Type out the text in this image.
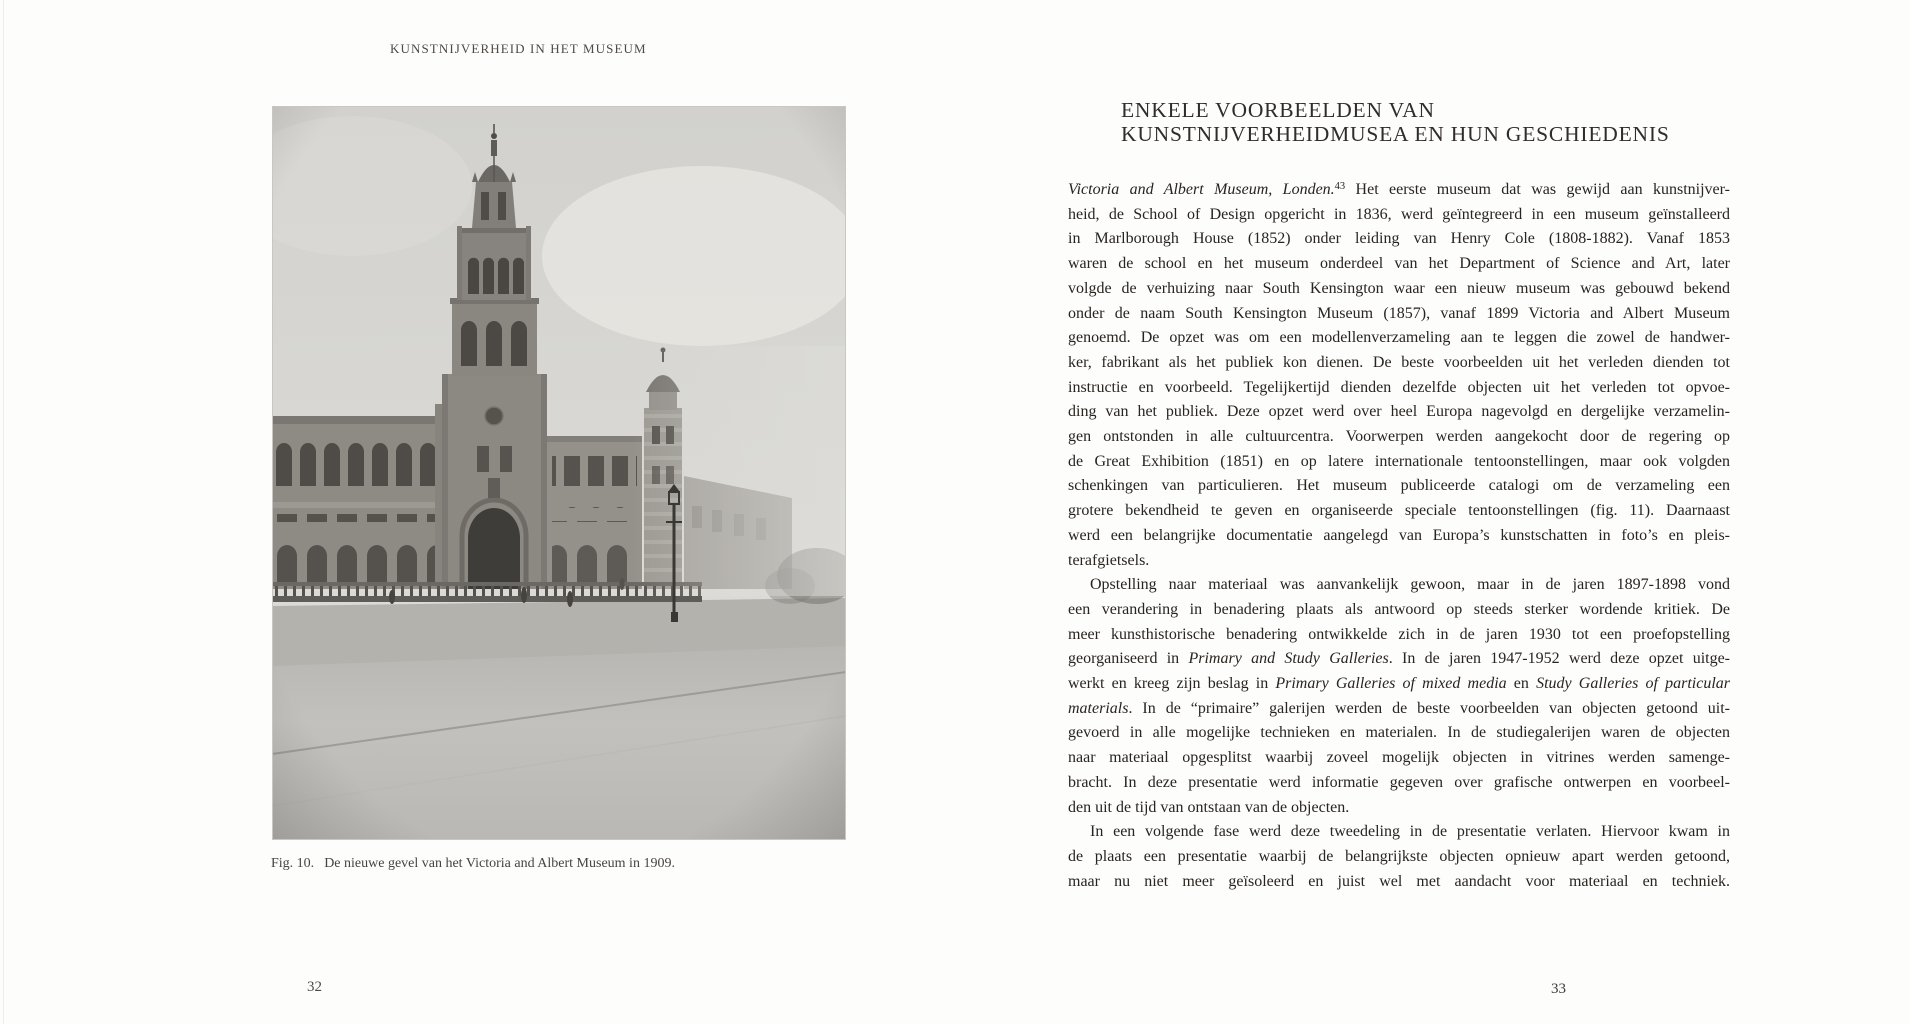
KUNSTNIJVERHEID IN HET MUSEUM
Fig. 10. De nieuwe gevel van het Victoria and Albert Museum in 1909.
32
ENKELE VOORBEELDEN VAN
KUNSTNIJVERHEIDMUSEA EN HUN GESCHIEDENIS
Victoria and Albert Museum, Londen.$^{43}$ Het eerste museum dat was gewijd aan kunstnijver-
heid, de School of Design opgericht in 1836, werd geïntegreerd in een museum geïnstalleerd
in Marlborough House (1852) onder leiding van Henry Cole (1808-1882). Vanaf 1853
waren de school en het museum onderdeel van het Department of Science and Art, later
volgde de verhuizing naar South Kensington waar een nieuw museum was gebouwd bekend
onder de naam South Kensington Museum (1857), vanaf 1899 Victoria and Albert Museum
genoemd. De opzet was om een modellenverzameling aan te leggen die zowel de handwer-
ker, fabrikant als het publiek kon dienen. De beste voorbeelden uit het verleden dienden tot
instructie en voorbeeld. Tegelijkertijd dienden dezelfde objecten uit het verleden tot opvoe-
ding van het publiek. Deze opzet werd over heel Europa nagevolgd en dergelijke verzamelin-
gen ontstonden in alle cultuurcentra. Voorwerpen werden aangekocht door de regering op
de Great Exhibition (1851) en op latere internationale tentoonstellingen, maar ook volgden
schenkingen van particulieren. Het museum publiceerde catalogi om de verzameling een
grotere bekendheid te geven en organiseerde speciale tentoonstellingen (fig. 11). Daarnaast
werd een belangrijke documentatie aangelegd van Europa’s kunstschatten in foto’s en pleis-
terafgietsels.
Opstelling naar materiaal was aanvankelijk gewoon, maar in de jaren 1897-1898 vond
een verandering in benadering plaats als antwoord op steeds sterker wordende kritiek. De
meer kunsthistorische benadering ontwikkelde zich in de jaren 1930 tot een proefopstelling
georganiseerd in Primary and Study Galleries. In de jaren 1947-1952 werd deze opzet uitge-
werkt en kreeg zijn beslag in Primary Galleries of mixed media en Study Galleries of particular
materials. In de “primaire” galerijen werden de beste voorbeelden van objecten getoond uit-
gevoerd in alle mogelijke technieken en materialen. In de studiegalerijen waren de objecten
naar materiaal opgesplitst waarbij zoveel mogelijk objecten in vitrines werden samenge-
bracht. In deze presentatie werd informatie gegeven over grafische ontwerpen en voorbeel-
den uit de tijd van ontstaan van de objecten.
In een volgende fase werd deze tweedeling in de presentatie verlaten. Hiervoor kwam in
de plaats een presentatie waarbij de belangrijkste objecten opnieuw apart werden getoond,
maar nu niet meer geïsoleerd en juist wel met aandacht voor materiaal en techniek.
33
